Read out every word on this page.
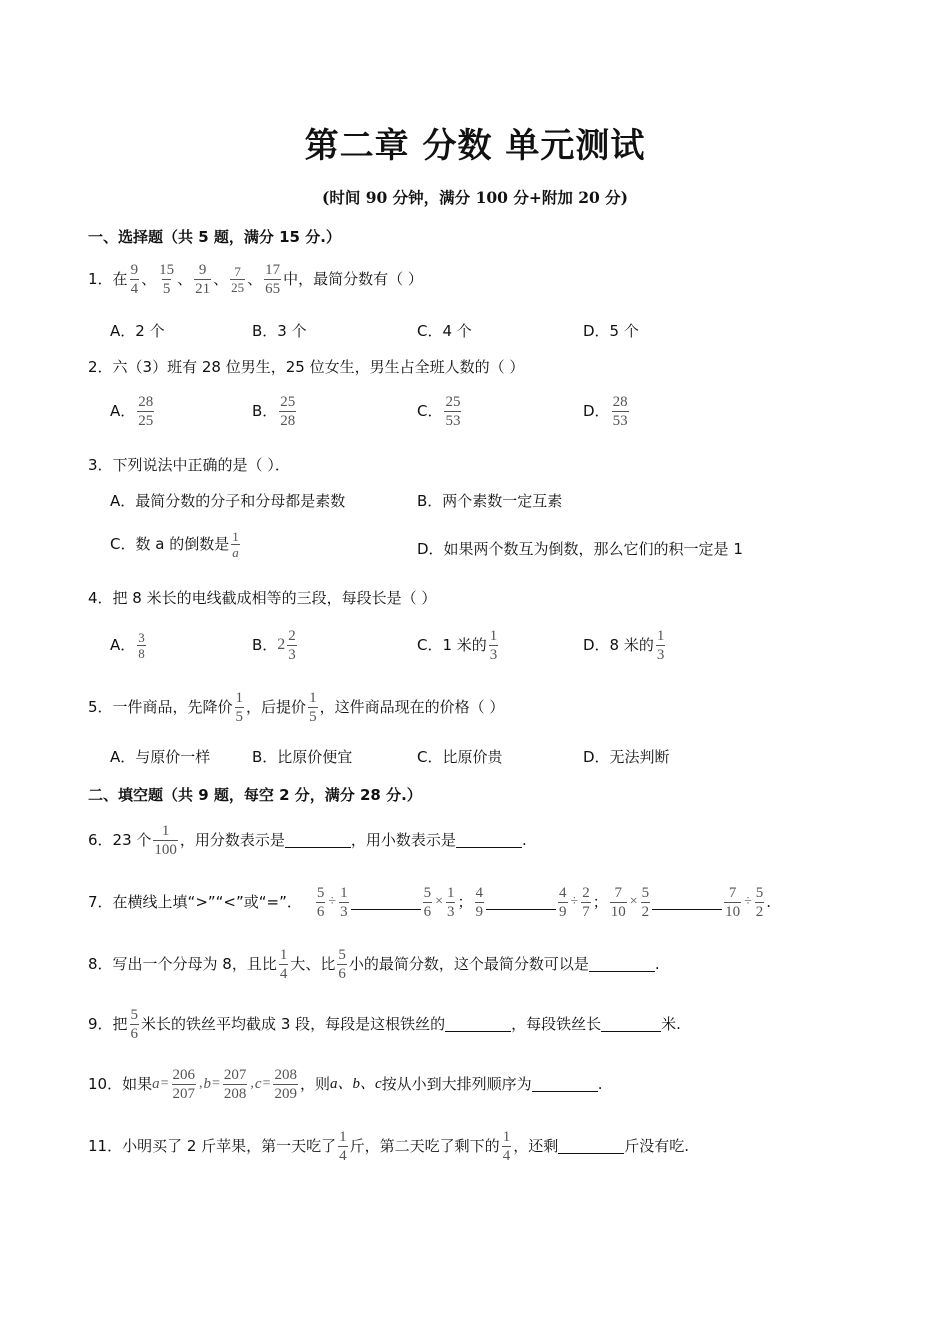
第二章 分数 单元测试
(时间 90 分钟，满分 100 分+附加 20 分)
一、选择题（共 5 题，满分 15 分.）
1． 在 $\frac{9}{4}$ 、 $\frac{15}{5}$ 、 $\frac{9}{21}$ 、 $\frac{7}{25}$ 、 $\frac{17}{65}$ 中，最简分数有（ ）
A．2 个	B．3 个	C．4 个	D．5 个
2．六（3）班有 28 位男生，25 位女生，男生占全班人数的（ ）
A． $\frac{28}{25}$	B． $\frac{25}{28}$	C． $\frac{25}{53}$	D． $\frac{28}{53}$
3．下列说法中正确的是（ ）．
A．最简分数的分子和分母都是素数	B．两个素数一定互素
C．数 a 的倒数是 $\frac{1}{a}$	D．如果两个数互为倒数，那么它们的积一定是 1
4．把 8 米长的电线截成相等的三段，每段长是（ ）
A． $\frac{3}{8}$	B． $2 \frac{2}{3}$	C．1 米的 $\frac{1}{3}$	D．8 米的 $\frac{1}{3}$
5．一件商品，先降价 $\frac{1}{5}$ ，后提价 $\frac{1}{5}$ ，这件商品现在的价格（ ）
A．与原价一样	B．比原价便宜	C．比原价贵	D．无法判断
二、填空题（共 9 题，每空 2 分，满分 28 分.）
6．23 个 $\frac{1}{100}$ ，用分数表示是	，用小数表示是	.
7．在横线上填“>”“<”或“=”． $\frac{5}{6} \div \frac{1}{3}$	$\frac{5}{6} \times \frac{1}{3}$ ； $\frac{4}{9}$	$\frac{4}{9} \div \frac{2}{7}$ ； $\frac{7}{10} \times \frac{5}{2}$	$\frac{7}{10} \div \frac{5}{2}$ .
8．写出一个分母为 8，且比 $\frac{1}{4}$ 大、比 $\frac{5}{6}$ 小的最简分数，这个最简分数可以是	.
9．把 $\frac{5}{6}$ 米长的铁丝平均截成 3 段，每段是这根铁丝的	，每段铁丝长	米.
10．如果 $a = \frac{206}{207}$ , $b = \frac{207}{208}$ , $c = \frac{208}{209}$ ，则 a、b、c 按从小到大排列顺序为	.
11．小明买了 2 斤苹果，第一天吃了 $\frac{1}{4}$ 斤，第二天吃了剩下的 $\frac{1}{4}$ ，还剩	斤没有吃.
